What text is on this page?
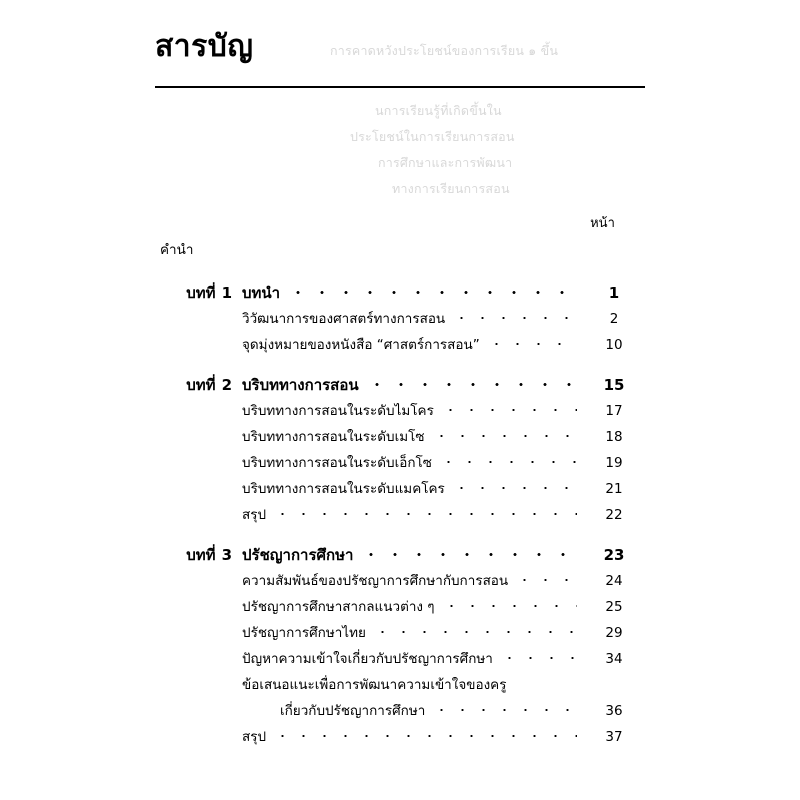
การคาดหวังประโยชน์ของการเรียน ๑ ขึ้น
นการเรียนรู้ที่เกิดขึ้นใน
ประโยชน์ในการเรียนการสอน
การศึกษาและการพัฒนา
ทางการเรียนการสอน
สารบัญ
หน้า
คำนำ
บทที่ 1 บทนำ	1
วิวัฒนาการของศาสตร์ทางการสอน	2
จุดมุ่งหมายของหนังสือ “ศาสตร์การสอน”	10
บทที่ 2 บริบททางการสอน	15
บริบททางการสอนในระดับไมโคร	17
บริบททางการสอนในระดับเมโซ	18
บริบททางการสอนในระดับเอ็กโซ	19
บริบททางการสอนในระดับแมคโคร	21
สรุป	22
บทที่ 3 ปรัชญาการศึกษา	23
ความสัมพันธ์ของปรัชญาการศึกษากับการสอน	24
ปรัชญาการศึกษาสากลแนวต่าง ๆ	25
ปรัชญาการศึกษาไทย	29
ปัญหาความเข้าใจเกี่ยวกับปรัชญาการศึกษา	34
ข้อเสนอแนะเพื่อการพัฒนาความเข้าใจของครู
เกี่ยวกับปรัชญาการศึกษา	36
สรุป	37
